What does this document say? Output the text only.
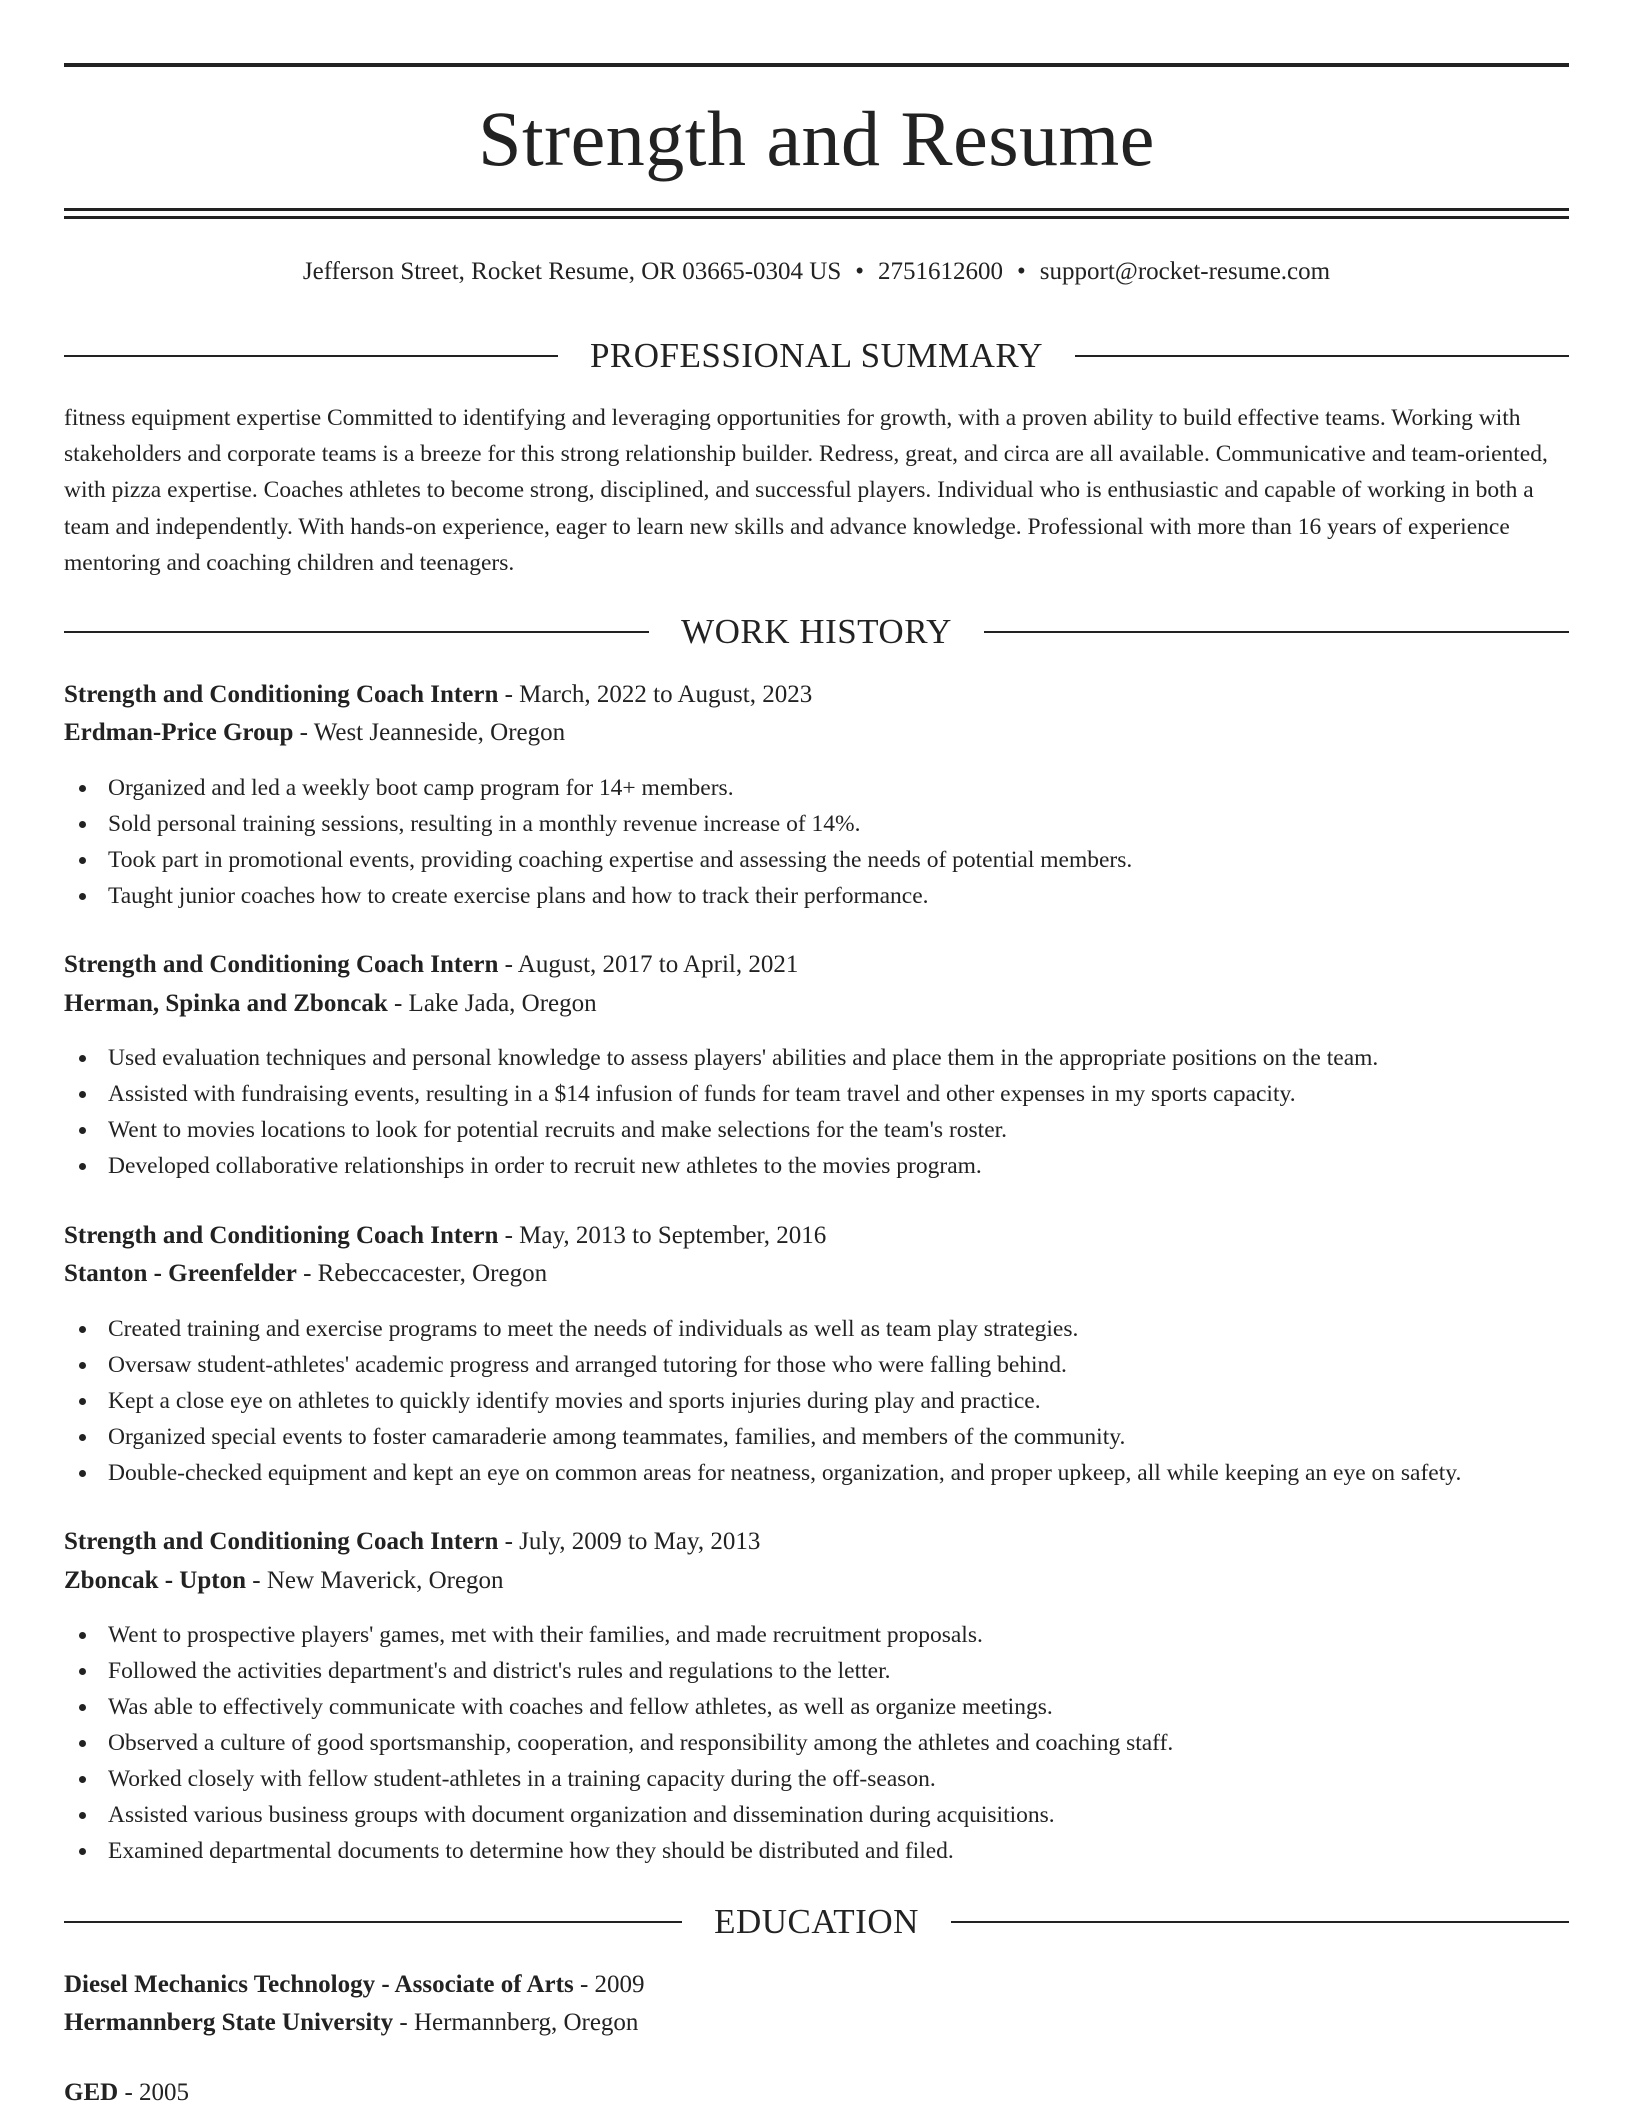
Strength and Resume
Jefferson Street, Rocket Resume, OR 03665-0304 US • 2751612600 • support@rocket-resume.com
PROFESSIONAL SUMMARY
fitness equipment expertise Committed to identifying and leveraging opportunities for growth, with a proven ability to build effective teams. Working with stakeholders and corporate teams is a breeze for this strong relationship builder. Redress, great, and circa are all available. Communicative and team-oriented, with pizza expertise. Coaches athletes to become strong, disciplined, and successful players. Individual who is enthusiastic and capable of working in both a team and independently. With hands-on experience, eager to learn new skills and advance knowledge. Professional with more than 16 years of experience mentoring and coaching children and teenagers.
WORK HISTORY
Strength and Conditioning Coach Intern - March, 2022 to August, 2023
Erdman-Price Group - West Jeanneside, Oregon
Organized and led a weekly boot camp program for 14+ members.
Sold personal training sessions, resulting in a monthly revenue increase of 14%.
Took part in promotional events, providing coaching expertise and assessing the needs of potential members.
Taught junior coaches how to create exercise plans and how to track their performance.
Strength and Conditioning Coach Intern - August, 2017 to April, 2021
Herman, Spinka and Zboncak - Lake Jada, Oregon
Used evaluation techniques and personal knowledge to assess players' abilities and place them in the appropriate positions on the team.
Assisted with fundraising events, resulting in a $14 infusion of funds for team travel and other expenses in my sports capacity.
Went to movies locations to look for potential recruits and make selections for the team's roster.
Developed collaborative relationships in order to recruit new athletes to the movies program.
Strength and Conditioning Coach Intern - May, 2013 to September, 2016
Stanton - Greenfelder - Rebeccacester, Oregon
Created training and exercise programs to meet the needs of individuals as well as team play strategies.
Oversaw student-athletes' academic progress and arranged tutoring for those who were falling behind.
Kept a close eye on athletes to quickly identify movies and sports injuries during play and practice.
Organized special events to foster camaraderie among teammates, families, and members of the community.
Double-checked equipment and kept an eye on common areas for neatness, organization, and proper upkeep, all while keeping an eye on safety.
Strength and Conditioning Coach Intern - July, 2009 to May, 2013
Zboncak - Upton - New Maverick, Oregon
Went to prospective players' games, met with their families, and made recruitment proposals.
Followed the activities department's and district's rules and regulations to the letter.
Was able to effectively communicate with coaches and fellow athletes, as well as organize meetings.
Observed a culture of good sportsmanship, cooperation, and responsibility among the athletes and coaching staff.
Worked closely with fellow student-athletes in a training capacity during the off-season.
Assisted various business groups with document organization and dissemination during acquisitions.
Examined departmental documents to determine how they should be distributed and filed.
EDUCATION
Diesel Mechanics Technology - Associate of Arts - 2009
Hermannberg State University - Hermannberg, Oregon
GED - 2005
